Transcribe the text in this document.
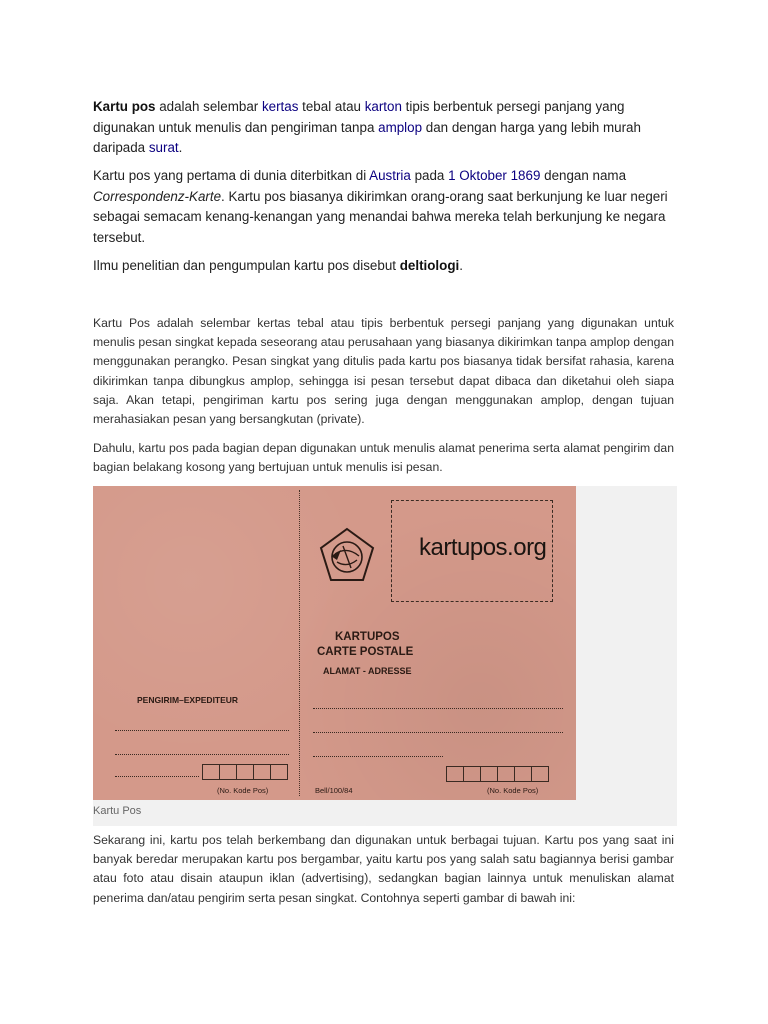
Kartu pos adalah selembar kertas tebal atau karton tipis berbentuk persegi panjang yang digunakan untuk menulis dan pengiriman tanpa amplop dan dengan harga yang lebih murah daripada surat.

Kartu pos yang pertama di dunia diterbitkan di Austria pada 1 Oktober 1869 dengan nama Correspondenz-Karte. Kartu pos biasanya dikirimkan orang-orang saat berkunjung ke luar negeri sebagai semacam kenang-kenangan yang menandai bahwa mereka telah berkunjung ke negara tersebut.

Ilmu penelitian dan pengumpulan kartu pos disebut deltiologi.

Kartu Pos adalah selembar kertas tebal atau tipis berbentuk persegi panjang yang digunakan untuk menulis pesan singkat kepada seseorang atau perusahaan yang biasanya dikirimkan tanpa amplop dengan menggunakan perangko. Pesan singkat yang ditulis pada kartu pos biasanya tidak bersifat rahasia, karena dikirimkan tanpa dibungkus amplop, sehingga isi pesan tersebut dapat dibaca dan diketahui oleh siapa saja. Akan tetapi, pengiriman kartu pos sering juga dengan menggunakan amplop, dengan tujuan merahasiakan pesan yang bersangkutan (private).

Dahulu, kartu pos pada bagian depan digunakan untuk menulis alamat penerima serta alamat pengirim dan bagian belakang kosong yang bertujuan untuk menulis isi pesan.

kartupos.org
KARTUPOS
CARTE POSTALE
ALAMAT - ADRESSE
(No. Kode Pos)
Bell/100/84
PENGIRIM–EXPEDITEUR
(No. Kode Pos)
Kartu Pos

Sekarang ini, kartu pos telah berkembang dan digunakan untuk berbagai tujuan. Kartu pos yang saat ini banyak beredar merupakan kartu pos bergambar, yaitu kartu pos yang salah satu bagiannya berisi gambar atau foto atau disain ataupun iklan (advertising), sedangkan bagian lainnya untuk menuliskan alamat penerima dan/atau pengirim serta pesan singkat. Contohnya seperti gambar di bawah ini:
